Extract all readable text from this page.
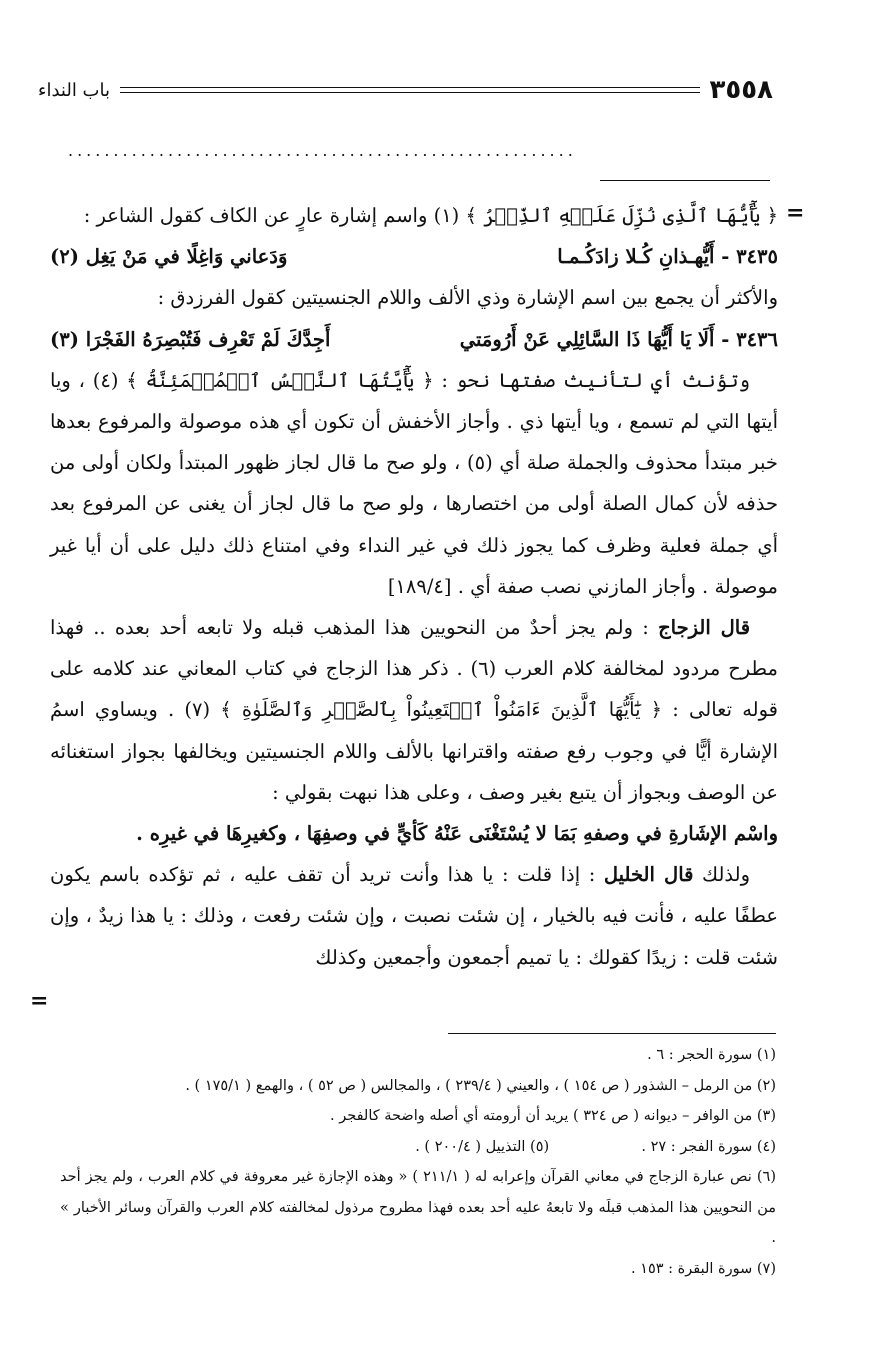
٣٥٥٨
باب النداء
........................................................
=

﴿ يَٰٓأَيُّهَا ٱلَّذِى نُزِّلَ عَلَيۡهِ ٱلذِّكۡرُ ﴾ (١) واسم إشارة عارٍ عن الكاف كقول الشاعر :

٣٤٣٥ - أَيُّهـذانِ كُـلا زادَكُـمـا
وَدَعاني وَاغِلًا في مَنْ يَغِل (٢)

والأكثر أن يجمع بين اسم الإشارة وذي الألف واللام الجنسيتين كقول الفرزدق :

٣٤٣٦ - أَلَا يَا أَيُّهَا ذَا السَّائِلِي عَنْ أَرُومَتي
أَجِدَّكَ لَمْ تَعْرِف فَتُبْصِرَهُ الفَجْرَا (٣)

وتؤنث أي لتأنيث صفتها نحو : ﴿ يَٰٓأَيَّتُهَا ٱلنَّفۡسُ ٱلۡمُطۡمَئِنَّةُ ﴾ (٤) ، ويا أيتها التي لم تسمع ، ويا أيتها ذي . وأجاز الأخفش أن تكون أي هذه موصولة والمرفوع بعدها خبر مبتدأ محذوف والجملة صلة أي (٥) ، ولو صح ما قال لجاز ظهور المبتدأ ولكان أولى من حذفه لأن كمال الصلة أولى من اختصارها ، ولو صح ما قال لجاز أن يغنى عن المرفوع بعد أي جملة فعلية وظرف كما يجوز ذلك في غير النداء وفي امتناع ذلك دليل على أن أيا غير موصولة . وأجاز المازني نصب صفة أي . [١٨٩/٤]

قال الزجاج : ولم يجز أحدٌ من النحويين هذا المذهب قبله ولا تابعه أحد بعده .. فهذا مطرح مردود لمخالفة كلام العرب (٦) . ذكر هذا الزجاج في كتاب المعاني عند كلامه على قوله تعالى : ﴿ يَٰٓأَيُّهَا ٱلَّذِينَ ءَامَنُواْ ٱسۡتَعِينُواْ بِٱلصَّبۡرِ وَٱلصَّلَوٰةِ ﴾ (٧) . ويساوي اسمُ الإشارة أيًّا في وجوب رفع صفته واقترانها بالألف واللام الجنسيتين ويخالفها بجواز استغنائه عن الوصف وبجواز أن يتبع بغير وصف ، وعلى هذا نبهت بقولي :

واسْم الإشَارةِ في وصفهِ بَمَا لا يُسْتَغْنَى عَنْهُ كَأيٍّ في وصفِهَا ، وكغيرِهَا في غيرِه .

ولذلك قال الخليل : إذا قلت : يا هذا وأنت تريد أن تقف عليه ، ثم تؤكده باسم يكون عطفًا عليه ، فأنت فيه بالخيار ، إن شئت نصبت ، وإن شئت رفعت ، وذلك : يا هذا زيدٌ ، وإن شئت قلت : زيدًا كقولك : يا تميم أجمعون وأجمعين وكذلك

=

(١) سورة الحجر : ٦ .

(٢) من الرمل – الشذور ( ص ١٥٤ ) ، والعيني ( ٢٣٩/٤ ) ، والمجالس ( ص ٥٢ ) ، والهمع ( ١٧٥/١ ) .

(٣) من الوافر – ديوانه ( ص ٣٢٤ ) يريد أن أرومته أي أصله واضحة كالفجر .

(٤) سورة الفجر : ٢٧ .                    (٥) التذييل ( ٢٠٠/٤ ) .

(٦) نص عبارة الزجاج في معاني القرآن وإعرابه له ( ٢١١/١ ) « وهذه الإجازة غير معروفة في كلام العرب ، ولم يجز أحد من النحويين هذا المذهب قبلَه ولا تابعهُ عليه أحد بعده فهذا مطروح مرذول لمخالفته كلام العرب والقرآن وسائر الأخبار » .

(٧) سورة البقرة : ١٥٣ .
